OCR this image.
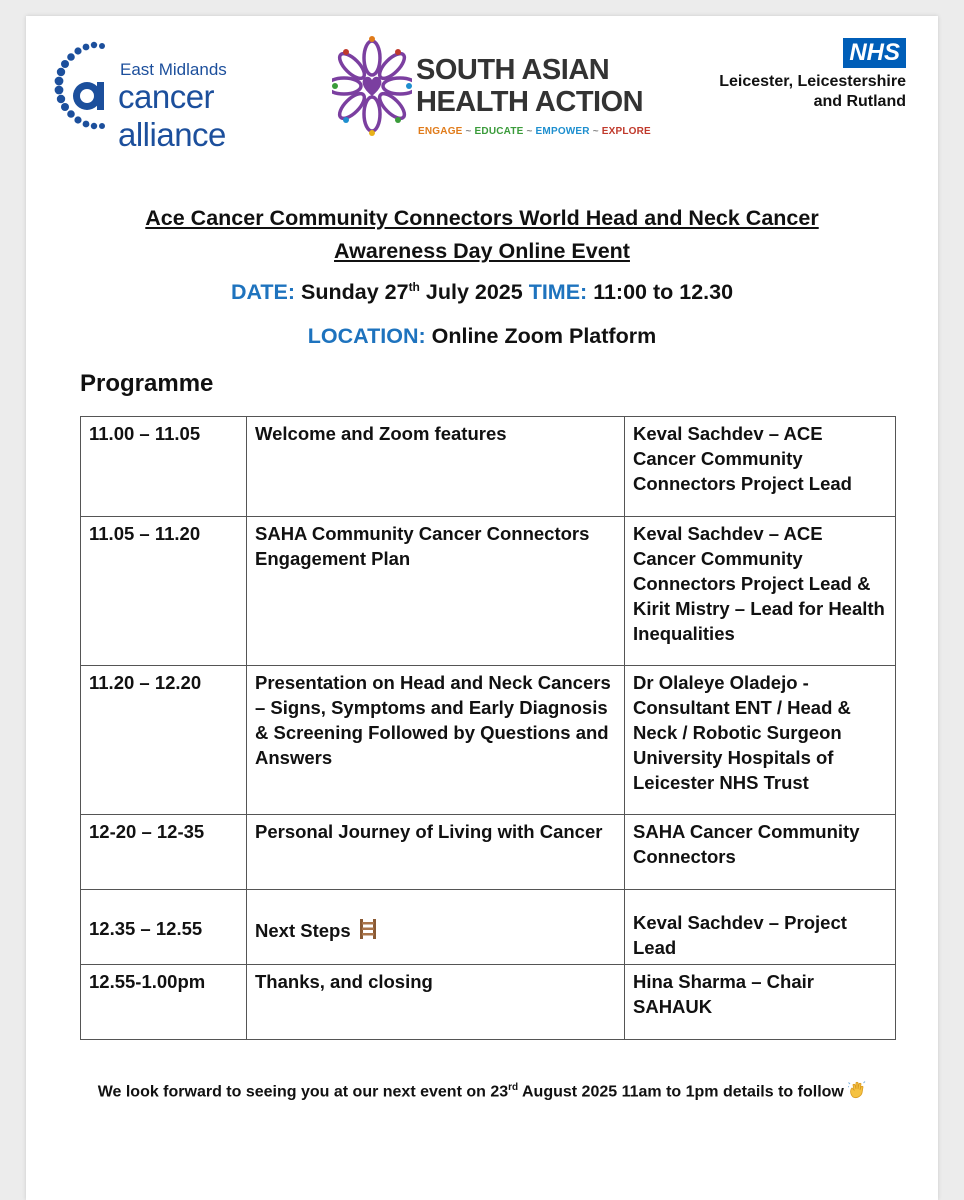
East Midlands
cancer alliance
SOUTH ASIAN
HEALTH ACTION
ENGAGE ~ EDUCATE ~ EMPOWER ~ EXPLORE
NHS
Leicester, Leicestershire
and Rutland
Ace Cancer Community Connectors World Head and Neck Cancer
Awareness Day Online Event
DATE: Sunday 27th July 2025 TIME: 11:00 to 12.30
LOCATION: Online Zoom Platform
Programme
11.00 – 11.05	Welcome and Zoom features	Keval Sachdev – ACE Cancer Community Connectors Project Lead
11.05 – 11.20	SAHA Community Cancer Connectors Engagement Plan	Keval Sachdev – ACE Cancer Community Connectors Project Lead & Kirit Mistry – Lead for Health Inequalities
11.20 – 12.20	Presentation on Head and Neck Cancers – Signs, Symptoms and Early Diagnosis & Screening Followed by Questions and Answers	Dr Olaleye Oladejo - Consultant ENT / Head & Neck / Robotic Surgeon University Hospitals of Leicester NHS Trust
12-20 – 12-35	Personal Journey of Living with Cancer	SAHA Cancer Community Connectors
12.35 – 12.55	Next Steps	Keval Sachdev – Project Lead
12.55-1.00pm	Thanks, and closing	Hina Sharma – Chair SAHAUK
We look forward to seeing you at our next event on 23rd August 2025 11am to 1pm details to follow
